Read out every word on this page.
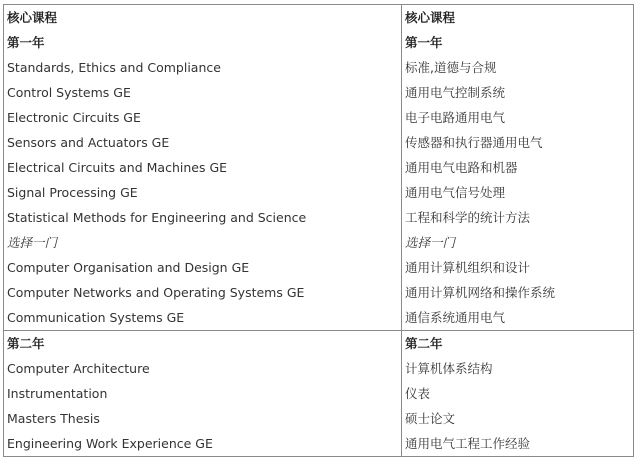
核心课程
第一年
Standards, Ethics and Compliance
Control Systems GE
Electronic Circuits GE
Sensors and Actuators GE
Electrical Circuits and Machines GE
Signal Processing GE
Statistical Methods for Engineering and Science
选择一门
Computer Organisation and Design GE
Computer Networks and Operating Systems GE
Communication Systems GE
核心课程
第一年
标准,道德与合规
通用电气控制系统
电子电路通用电气
传感器和执行器通用电气
通用电气电路和机器
通用电气信号处理
工程和科学的统计方法
选择一门
通用计算机组织和设计
通用计算机网络和操作系统
通信系统通用电气
第二年
Computer Architecture
Instrumentation
Masters Thesis
Engineering Work Experience GE
第二年
计算机体系结构
仪表
硕士论文
通用电气工程工作经验
